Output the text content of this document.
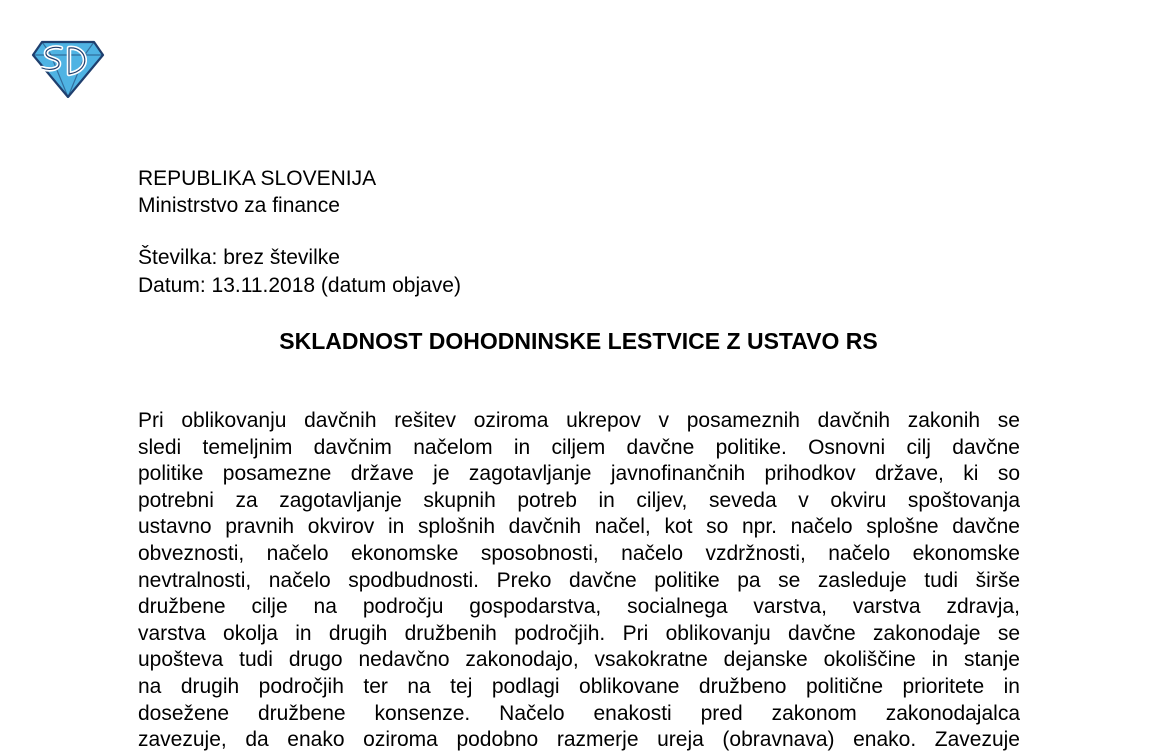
REPUBLIKA SLOVENIJA
Ministrstvo za finance
Številka: brez številke
Datum: 13.11.2018 (datum objave)
SKLADNOST DOHODNINSKE LESTVICE Z USTAVO RS
Pri oblikovanju davčnih rešitev oziroma ukrepov v posameznih davčnih zakonih se
sledi temeljnim davčnim načelom in ciljem davčne politike. Osnovni cilj davčne
politike posamezne države je zagotavljanje javnofinančnih prihodkov države, ki so
potrebni za zagotavljanje skupnih potreb in ciljev, seveda v okviru spoštovanja
ustavno pravnih okvirov in splošnih davčnih načel, kot so npr. načelo splošne davčne
obveznosti, načelo ekonomske sposobnosti, načelo vzdržnosti, načelo ekonomske
nevtralnosti, načelo spodbudnosti. Preko davčne politike pa se zasleduje tudi širše
družbene cilje na področju gospodarstva, socialnega varstva, varstva zdravja,
varstva okolja in drugih družbenih področjih. Pri oblikovanju davčne zakonodaje se
upošteva tudi drugo nedavčno zakonodajo, vsakokratne dejanske okoliščine in stanje
na drugih področjih ter na tej podlagi oblikovane družbeno politične prioritete in
dosežene družbene konsenze. Načelo enakosti pred zakonom zakonodajalca
zavezuje, da enako oziroma podobno razmerje ureja (obravnava) enako. Zavezuje
